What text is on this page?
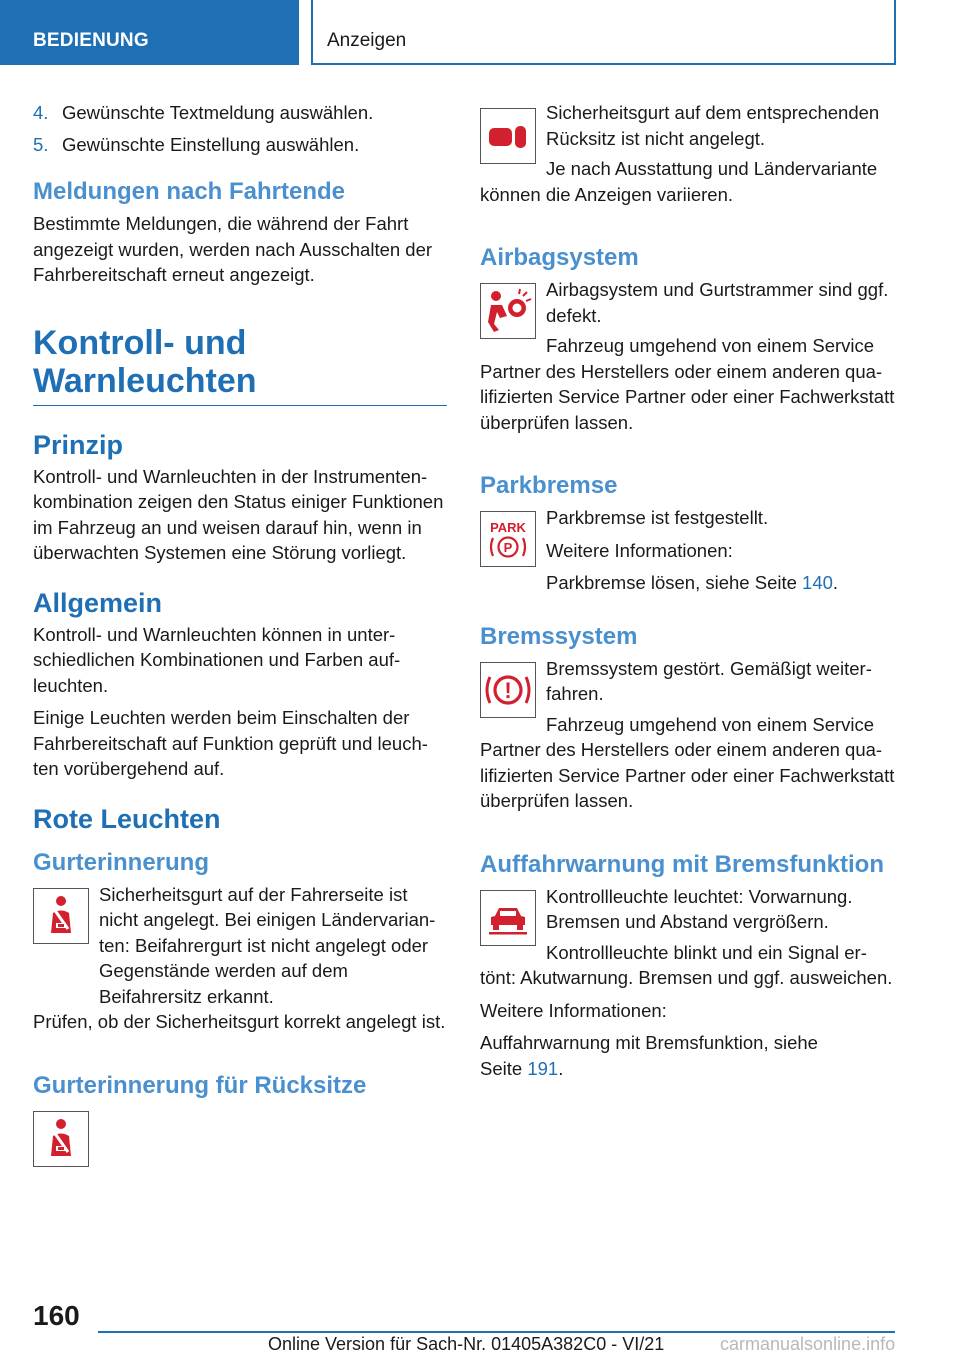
BEDIENUNG	Anzeigen
4. Gewünschte Textmeldung auswählen.
5. Gewünschte Einstellung auswählen.
Meldungen nach Fahrtende

Bestimmte Meldungen, die während der Fahrt angezeigt wurden, werden nach Ausschalten der Fahrbereitschaft erneut angezeigt.

Kontroll- und
Warnleuchten
Prinzip

Kontroll- und Warnleuchten in der Instrumentenkombination zeigen den Status einiger Funktionen im Fahrzeug an und weisen darauf hin, wenn in überwachten Systemen eine Störung vorliegt.

Allgemein

Kontroll- und Warnleuchten können in unterschiedlichen Kombinationen und Farben aufleuchten.

Einige Leuchten werden beim Einschalten der Fahrbereitschaft auf Funktion geprüft und leuchten vorübergehend auf.

Rote Leuchten
Gurterinnerung

Sicherheitsgurt auf der Fahrerseite ist nicht angelegt. Bei einigen Ländervarianten: Beifahrergurt ist nicht angelegt oder Gegenstände werden auf dem Beifahrersitz erkannt.

Prüfen, ob der Sicherheitsgurt korrekt angelegt ist.

Gurterinnerung für Rücksitze

Sicherheitsgurt auf dem entsprechenden Rücksitz ist nicht angelegt.

Je nach Ausstattung und Ländervariante können die Anzeigen variieren.

Airbagsystem

Airbagsystem und Gurtstrammer sind ggf. defekt.

Fahrzeug umgehend von einem Service Partner des Herstellers oder einem anderen qualifizierten Service Partner oder einer Fachwerkstatt überprüfen lassen.

Parkbremse
PARK
P

Parkbremse ist festgestellt.

Weitere Informationen:

Parkbremse lösen, siehe Seite 140.

Bremssystem
!

Bremssystem gestört. Gemäßigt weiterfahren.

Fahrzeug umgehend von einem Service Partner des Herstellers oder einem anderen qualifizierten Service Partner oder einer Fachwerkstatt überprüfen lassen.

Auffahrwarnung mit Bremsfunktion

Kontrollleuchte leuchtet: Vorwarnung. Bremsen und Abstand vergrößern.

Kontrollleuchte blinkt und ein Signal ertönt: Akutwarnung. Bremsen und ggf. ausweichen.

Weitere Informationen:

Auffahrwarnung mit Bremsfunktion, siehe Seite 191.

160
Online Version für Sach-Nr. 01405A382C0 - VI/21	carmanualsonline.info
